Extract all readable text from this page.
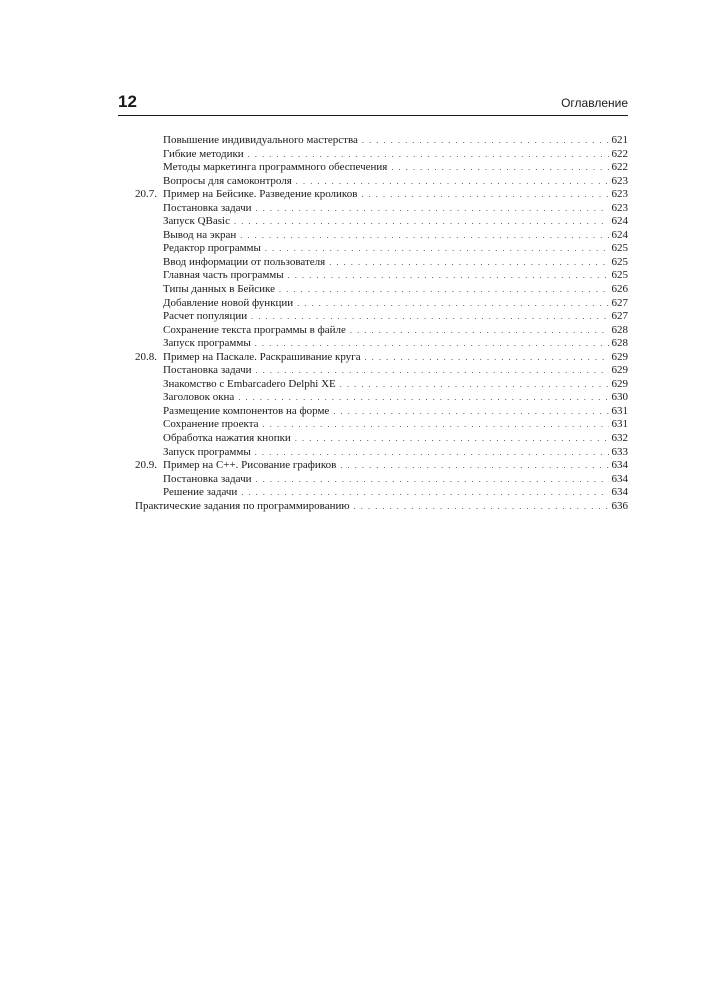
12	Оглавление
Повышение индивидуального мастерства . . .	621
Гибкие методики . . .	622
Методы маркетинга программного обеспечения . . .	622
Вопросы для самоконтроля . . .	623
20.7. Пример на Бейсике. Разведение кроликов . . .	623
Постановка задачи . . .	623
Запуск QBasic . . .	624
Вывод на экран . . .	624
Редактор программы . . .	625
Ввод информации от пользователя . . .	625
Главная часть программы . . .	625
Типы данных в Бейсике . . .	626
Добавление новой функции . . .	627
Расчет популяции . . .	627
Сохранение текста программы в файле . . .	628
Запуск программы . . .	628
20.8. Пример на Паскале. Раскрашивание круга . . .	629
Постановка задачи . . .	629
Знакомство с Embarcadero Delphi XE . . .	629
Заголовок окна . . .	630
Размещение компонентов на форме . . .	631
Сохранение проекта . . .	631
Обработка нажатия кнопки . . .	632
Запуск программы . . .	633
20.9. Пример на С++. Рисование графиков . . .	634
Постановка задачи . . .	634
Решение задачи . . .	634
Практические задания по программированию . . .	636
